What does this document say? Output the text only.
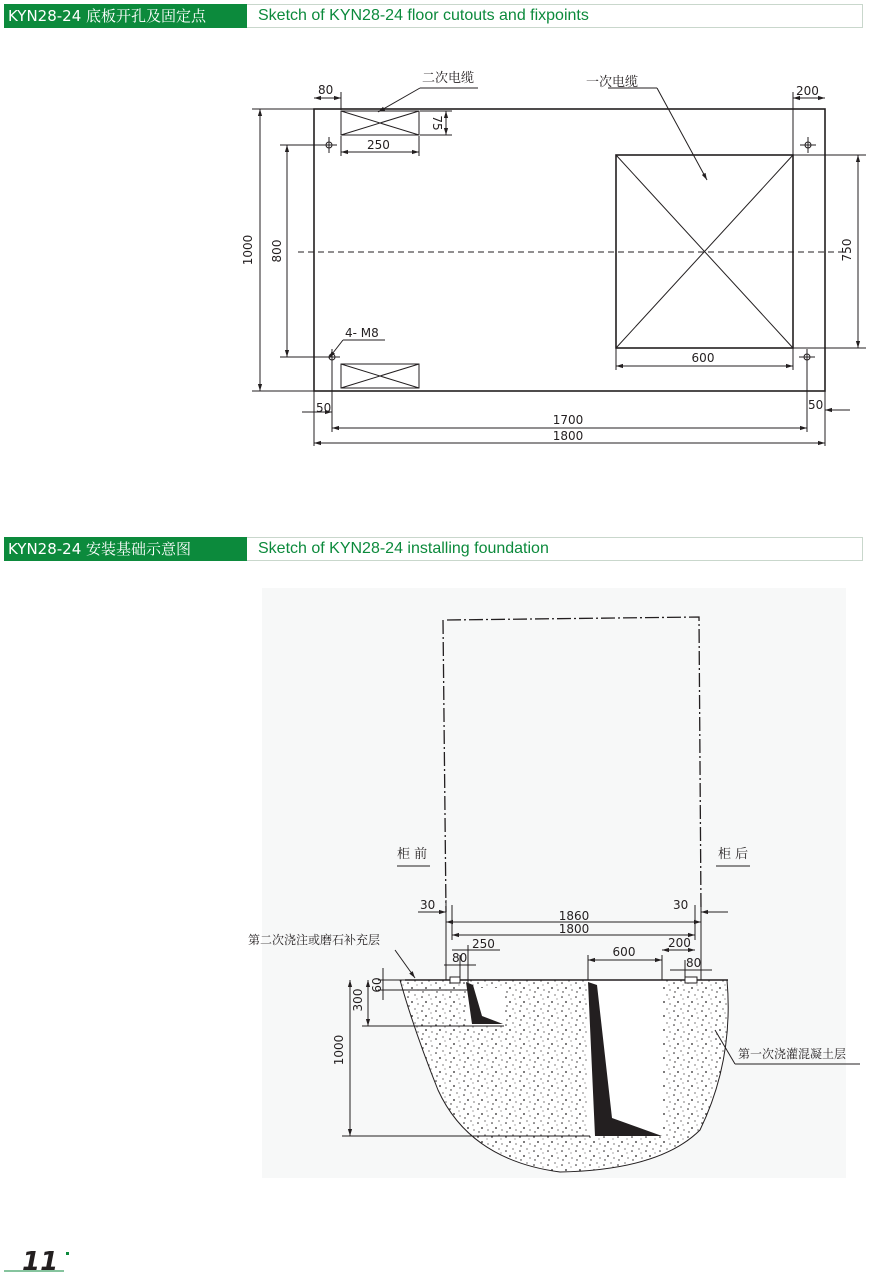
KYN28-24 底板开孔及固定点	Sketch of KYN28-24 floor cutouts and fixpoints
二次电缆	一次电缆
4- M8
80
250
75
200
1000 800	750
600
50	50
1700
1800
KYN28-24 安装基础示意图	Sketch of KYN28-24 installing foundation
柜 前	柜 后
第二次浇注或磨石补充层
第一次浇灌混凝土层
30	30
1860
1800
250
80	600
200
80
60
300
1000
11
